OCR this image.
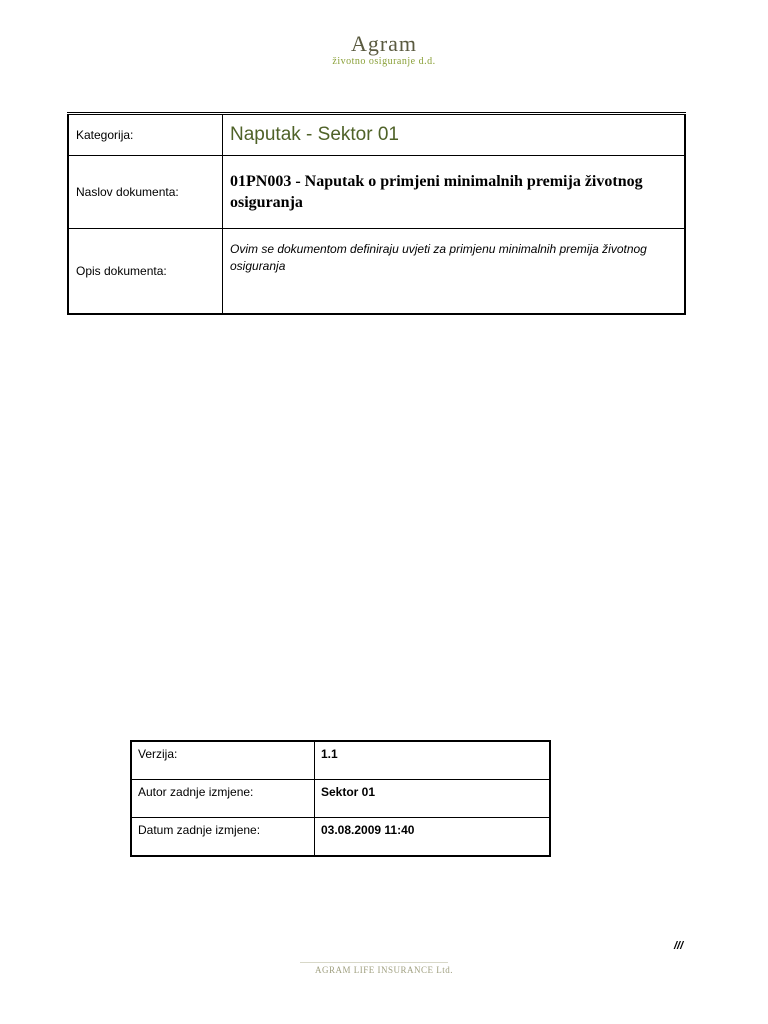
Agram
životno osiguranje d.d.
Kategorija:	Naputak - Sektor 01
Naslov dokumenta:	01PN003 - Naputak o primjeni minimalnih premija životnog osiguranja
Opis dokumenta:	Ovim se dokumentom definiraju uvjeti za primjenu minimalnih premija životnog osiguranja
Verzija:	1.1
Autor zadnje izmjene:	Sektor 01
Datum zadnje izmjene:	03.08.2009 11:40
///
AGRAM LIFE INSURANCE Ltd.
